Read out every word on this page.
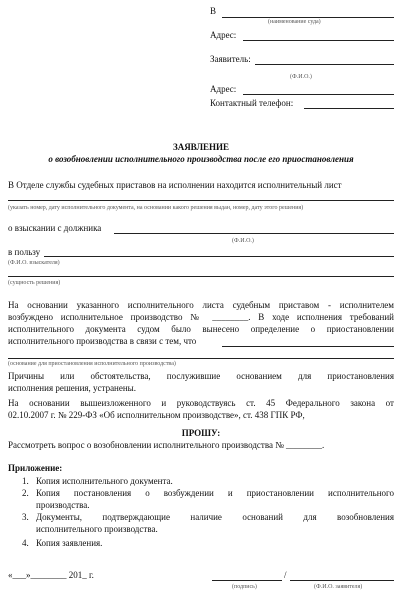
В
(наименование суда)
Адрес:
Заявитель:
(Ф.И.О.)
Адрес:
Контактный телефон:
ЗАЯВЛЕНИЕ
о возобновлении исполнительного производства после его приостановления
В Отделе службы судебных приставов на исполнении находится исполнительный лист
(указать номер, дату исполнительного документа, на основании какого решения выдан, номер, дату этого решения)
о взыскании с должника
(Ф.И.О.)
в пользу
(Ф.И.О. взыскателя)
(сущность решения)
На основании указанного исполнительного листа судебным приставом - исполнителем
возбуждено исполнительное производство № ________. В ходе исполнения требований
исполнительного документа судом было вынесено определение о приостановлении
исполнительного производства в связи с тем, что
(основание для приостановления исполнительного производства)
Причины или обстоятельства, послужившие основанием для приостановления
исполнения решения, устранены.
На основании вышеизложенного и руководствуясь ст. 45 Федерального закона от
02.10.2007 г. № 229-ФЗ «Об исполнительном производстве», ст. 438 ГПК РФ,
ПРОШУ:
Рассмотреть вопрос о возобновлении исполнительного производства № ________.
Приложение:
1. Копия исполнительного документа.
2. Копия постановления о возбуждении и приостановлении исполнительного
производства.
3. Документы, подтверждающие наличие оснований для возобновления
исполнительного производства.
4. Копия заявления.
«___»________ 201_ г.	/
(подпись)	(Ф.И.О. заявителя)
